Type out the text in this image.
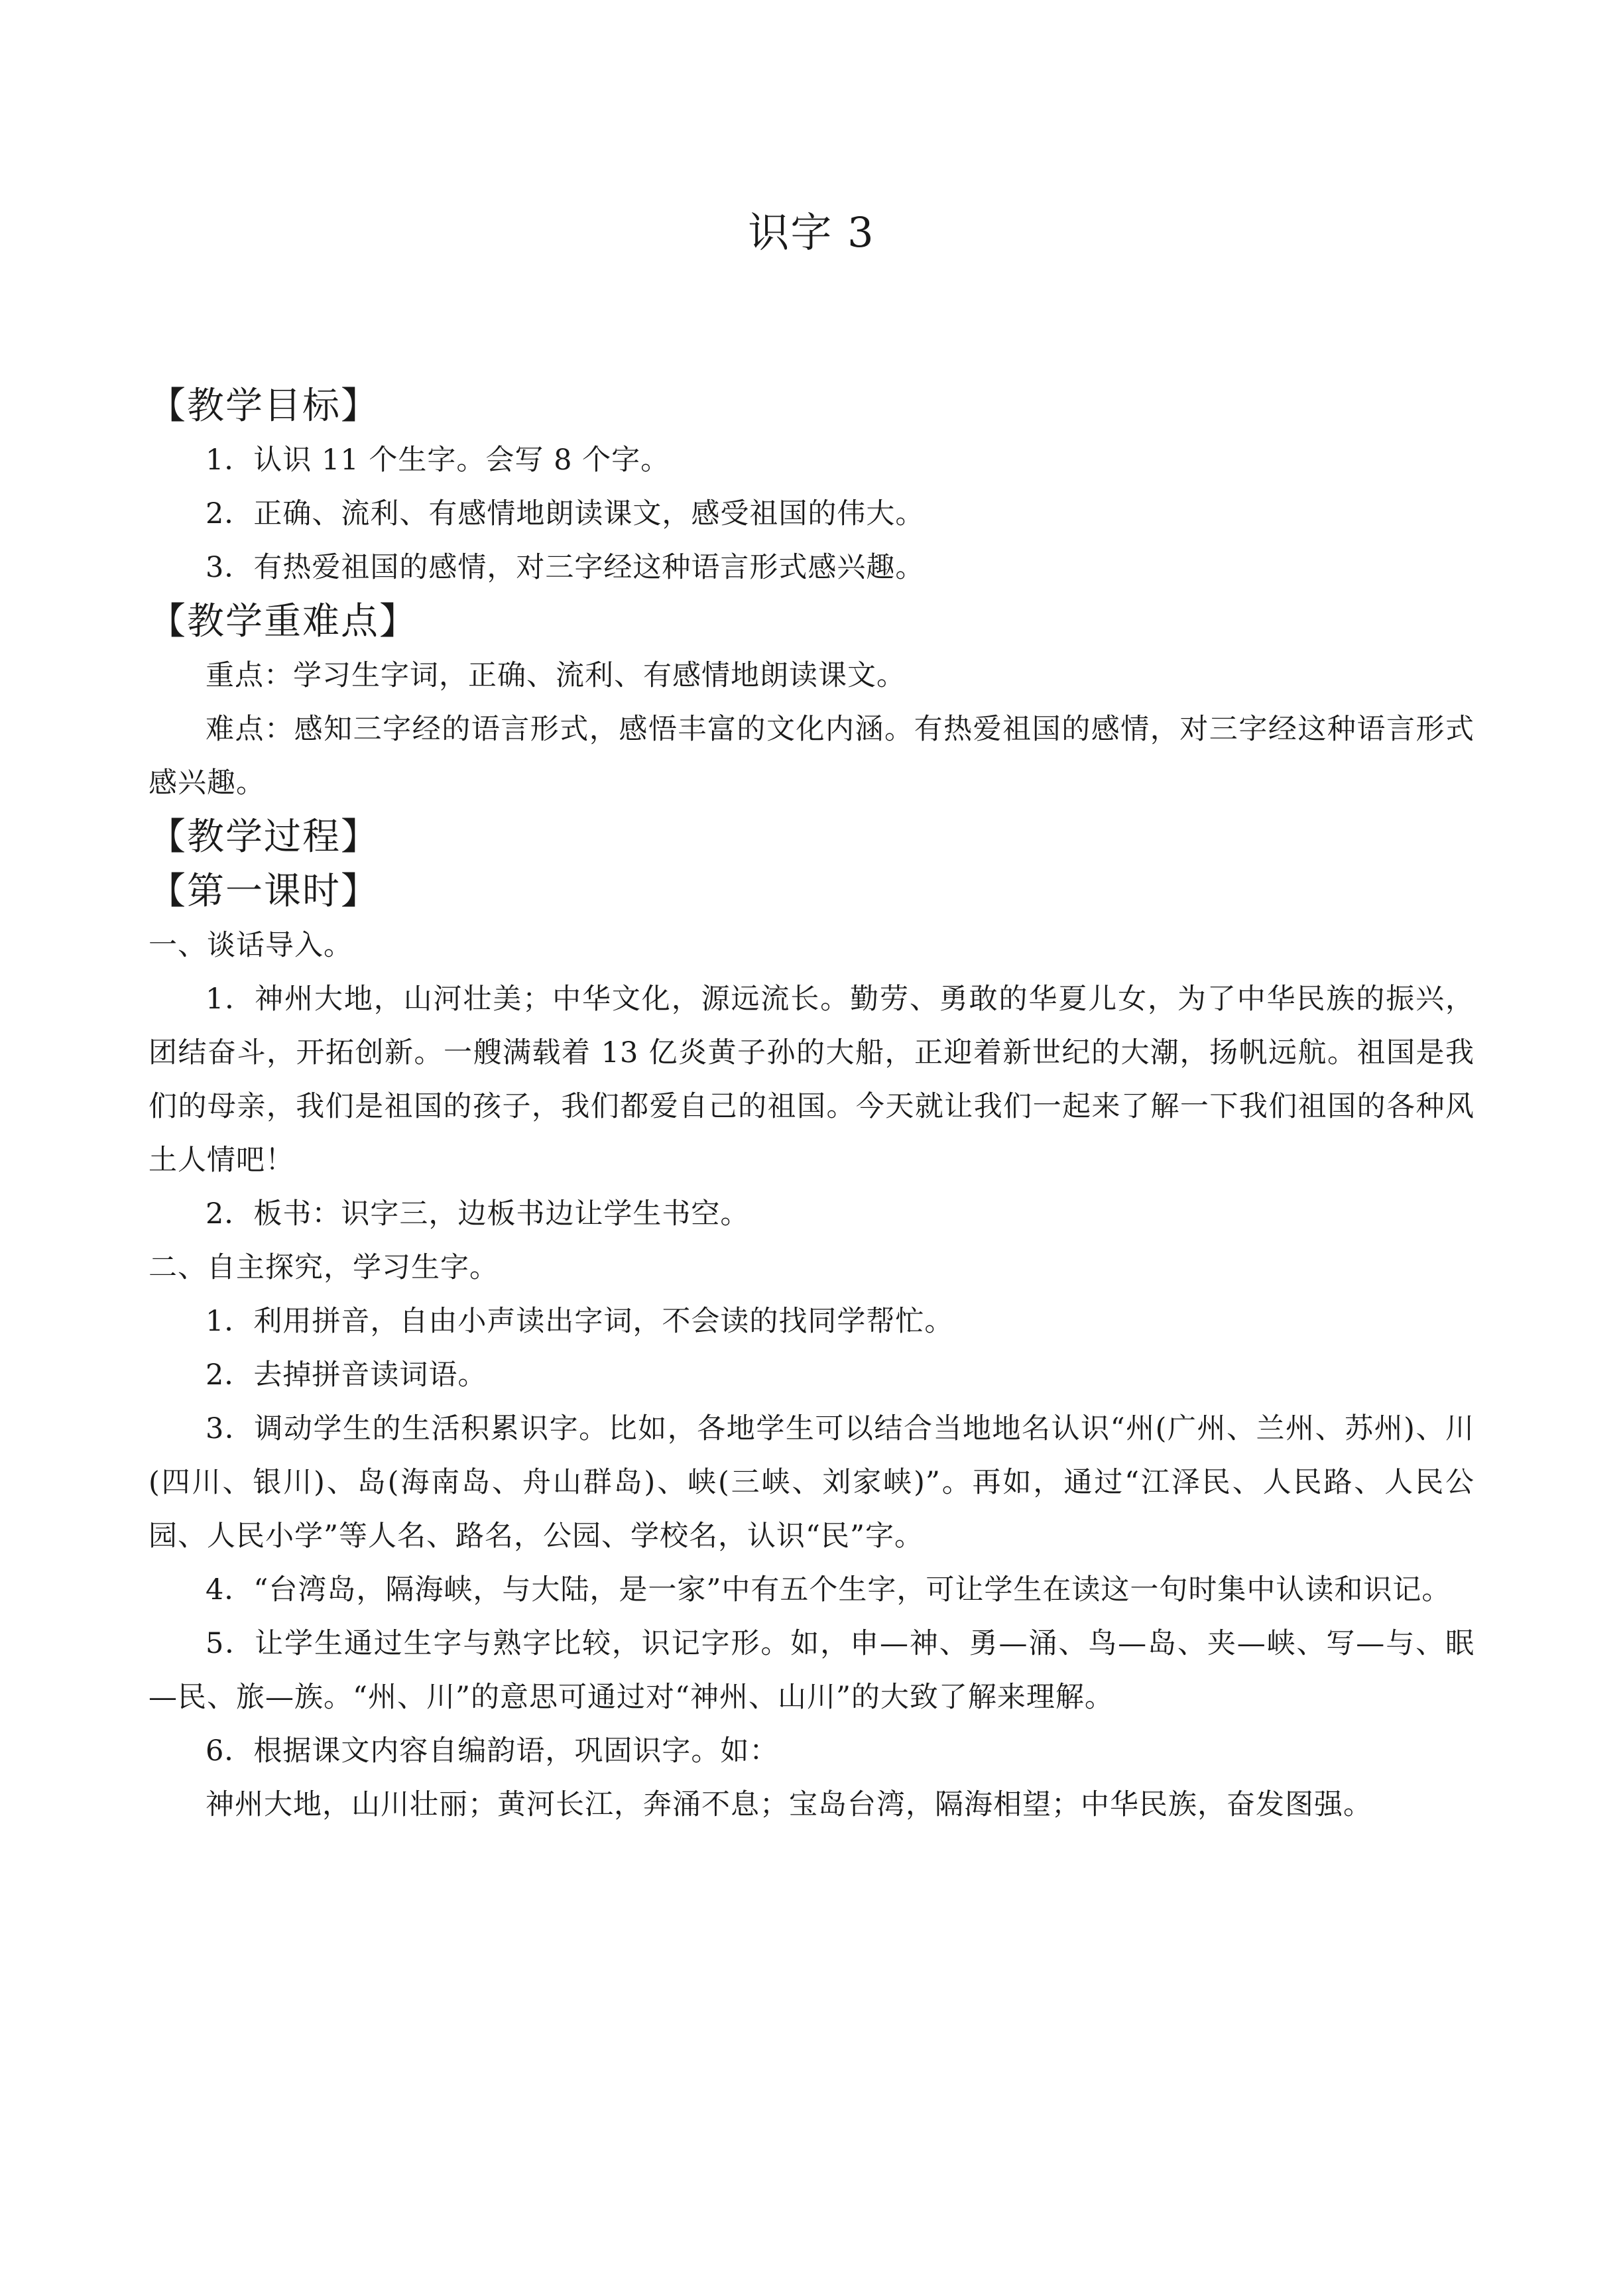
识字 3
【教学目标】

1．认识 11 个生字。会写 8 个字。

2．正确、流利、有感情地朗读课文，感受祖国的伟大。

3．有热爱祖国的感情，对三字经这种语言形式感兴趣。

【教学重难点】

重点：学习生字词，正确、流利、有感情地朗读课文。

难点：感知三字经的语言形式，感悟丰富的文化内涵。有热爱祖国的感情，对三字经这种语言形式感兴趣。

【教学过程】
【第一课时】

一、谈话导入。

1．神州大地，山河壮美；中华文化，源远流长。勤劳、勇敢的华夏儿女，为了中华民族的振兴，团结奋斗，开拓创新。一艘满载着 13 亿炎黄子孙的大船，正迎着新世纪的大潮，扬帆远航。祖国是我们的母亲，我们是祖国的孩子，我们都爱自己的祖国。今天就让我们一起来了解一下我们祖国的各种风土人情吧！

2．板书：识字三，边板书边让学生书空。

二、自主探究，学习生字。

1．利用拼音，自由小声读出字词，不会读的找同学帮忙。

2．去掉拼音读词语。

3．调动学生的生活积累识字。比如，各地学生可以结合当地地名认识“州(广州、兰州、苏州)、川(四川、银川)、岛(海南岛、舟山群岛)、峡(三峡、刘家峡)”。再如，通过“江泽民、人民路、人民公园、人民小学”等人名、路名，公园、学校名，认识“民”字。

4．“台湾岛，隔海峡，与大陆，是一家”中有五个生字，可让学生在读这一句时集中认读和识记。

5．让学生通过生字与熟字比较，识记字形。如，申—神、勇—涌、鸟—岛、夹—峡、写—与、眠—民、旅—族。“州、川”的意思可通过对“神州、山川”的大致了解来理解。

6．根据课文内容自编韵语，巩固识字。如：

神州大地，山川壮丽；黄河长江，奔涌不息；宝岛台湾，隔海相望；中华民族，奋发图强。
